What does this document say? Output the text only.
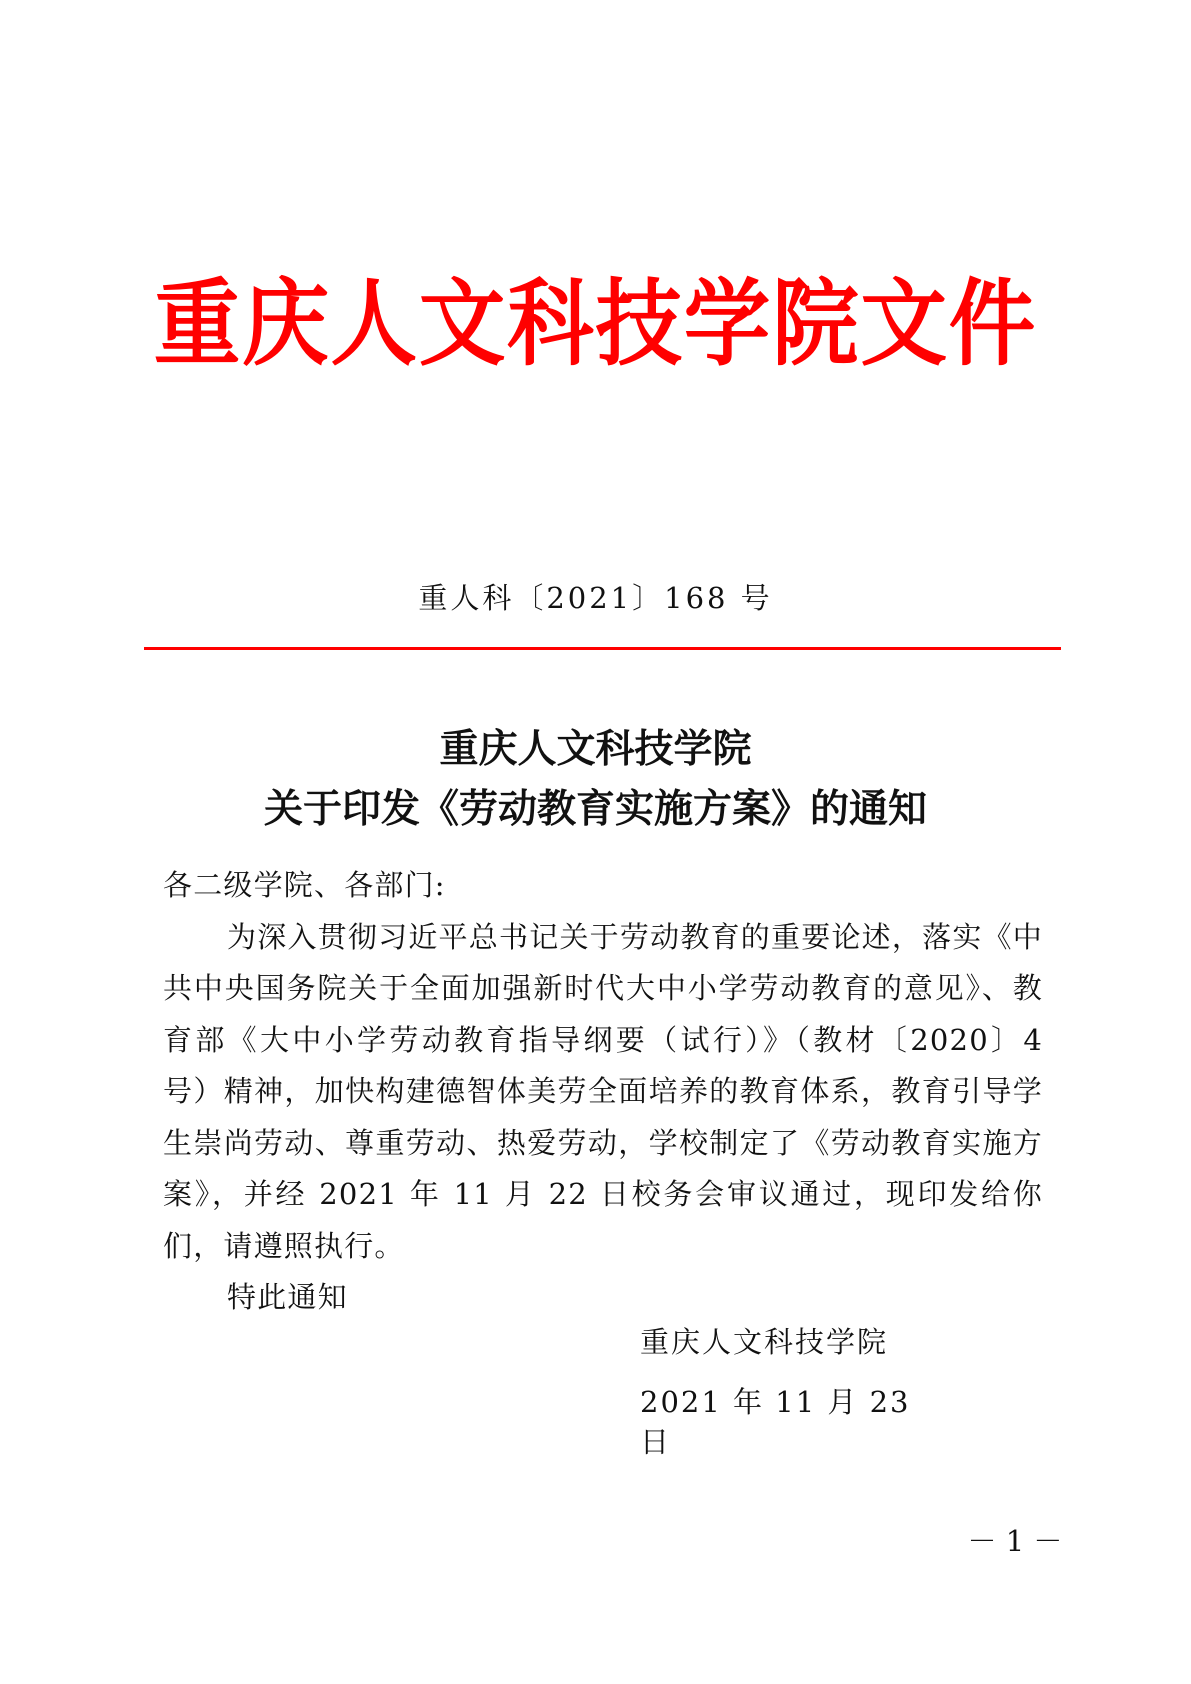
重庆人文科技学院文件
重人科〔2021〕168 号
重庆人文科技学院
关于印发《劳动教育实施方案》的通知

各二级学院、各部门:

为深入贯彻习近平总书记关于劳动教育的重要论述，落实《中共中央国务院关于全面加强新时代大中小学劳动教育的意见》、教育部《大中小学劳动教育指导纲要（试行）》（教材〔2020〕4 号）精神，加快构建德智体美劳全面培养的教育体系，教育引导学生崇尚劳动、尊重劳动、热爱劳动，学校制定了《劳动教育实施方案》，并经 2021 年 11 月 22 日校务会审议通过，现印发给你们，请遵照执行。

特此通知

重庆人文科技学院
2021 年 11 月 23 日
－ 1 －
